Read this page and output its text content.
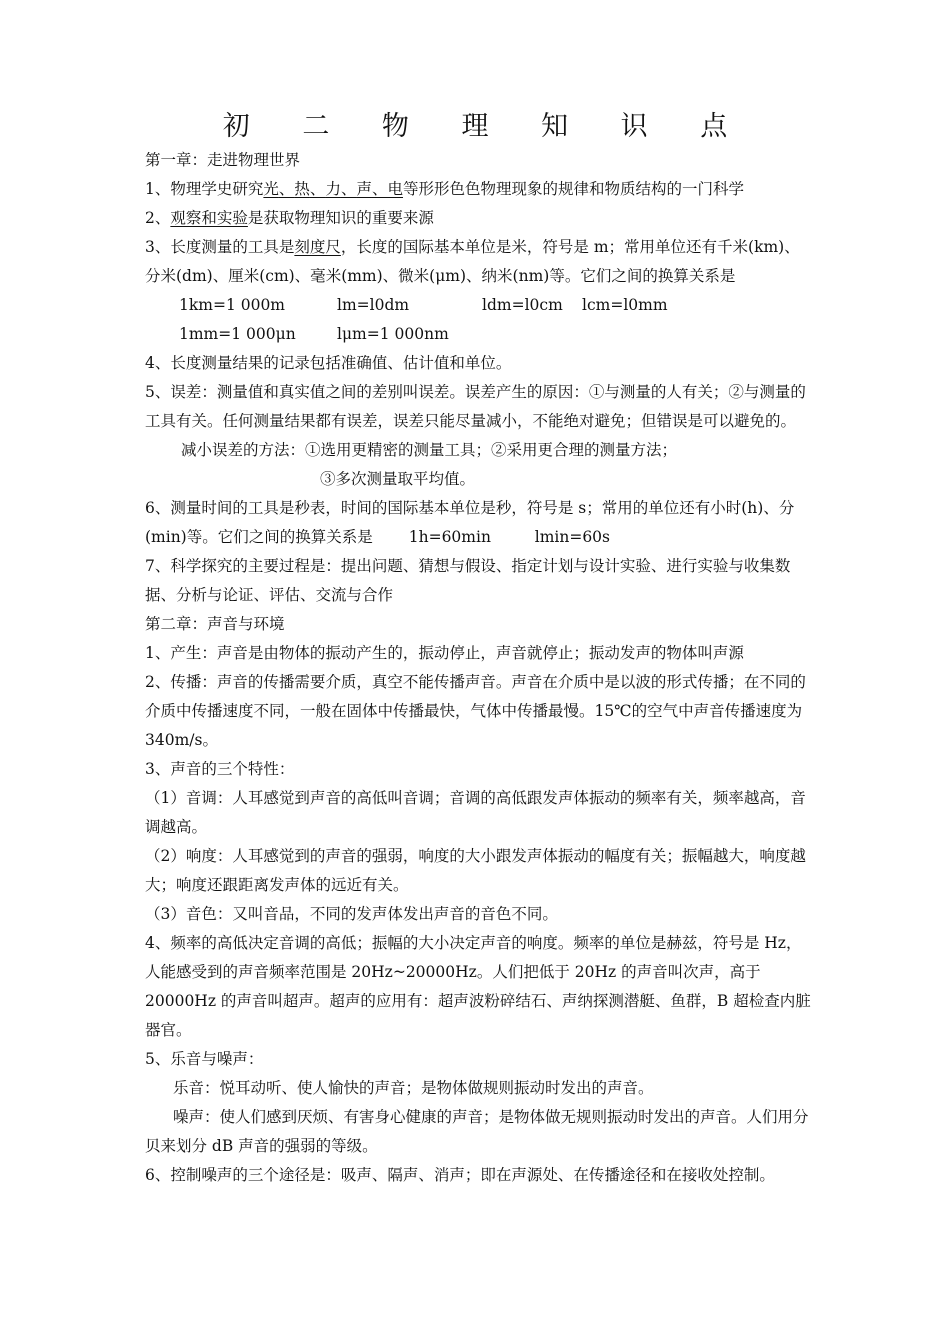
初 二 物 理 知 识 点

第一章：走进物理世界

1、物理学史研究光、热、力、声、电等形形色色物理现象的规律和物质结构的一门科学

2、观察和实验是获取物理知识的重要来源

3、长度测量的工具是刻度尺，长度的国际基本单位是米，符号是 m；常用单位还有千米(km)、分米(dm)、厘米(cm)、毫米(mm)、微米(μm)、纳米(nm)等。它们之间的换算关系是

1km=1 000m	lm=l0dm	ldm=l0cm	lcm=l0mm
1mm=1 000μn	lμm=1 000nm

4、长度测量结果的记录包括准确值、估计值和单位。

5、误差：测量值和真实值之间的差别叫误差。误差产生的原因：①与测量的人有关；②与测量的工具有关。任何测量结果都有误差，误差只能尽量减小，不能绝对避免；但错误是可以避免的。

减小误差的方法：①选用更精密的测量工具；②采用更合理的测量方法；

③多次测量取平均值。

6、测量时间的工具是秒表，时间的国际基本单位是秒，符号是 s；常用的单位还有小时(h)、分(min)等。它们之间的换算关系是 1h=60min	lmin=60s

7、科学探究的主要过程是：提出问题、猜想与假设、指定计划与设计实验、进行实验与收集数据、分析与论证、评估、交流与合作

第二章：声音与环境

1、产生：声音是由物体的振动产生的，振动停止，声音就停止；振动发声的物体叫声源

2、传播：声音的传播需要介质，真空不能传播声音。声音在介质中是以波的形式传播；在不同的介质中传播速度不同，一般在固体中传播最快，气体中传播最慢。15℃的空气中声音传播速度为 340m/s。

3、声音的三个特性：

（1）音调：人耳感觉到声音的高低叫音调；音调的高低跟发声体振动的频率有关，频率越高，音调越高。

（2）响度：人耳感觉到的声音的强弱，响度的大小跟发声体振动的幅度有关；振幅越大，响度越大；响度还跟距离发声体的远近有关。

（3）音色：又叫音品，不同的发声体发出声音的音色不同。

4、频率的高低决定音调的高低；振幅的大小决定声音的响度。频率的单位是赫兹，符号是 Hz，人能感受到的声音频率范围是 20Hz~20000Hz。人们把低于 20Hz 的声音叫次声，高于 20000Hz 的声音叫超声。超声的应用有：超声波粉碎结石、声纳探测潜艇、鱼群，B 超检查内脏器官。

5、乐音与噪声：

乐音：悦耳动听、使人愉快的声音；是物体做规则振动时发出的声音。

噪声：使人们感到厌烦、有害身心健康的声音；是物体做无规则振动时发出的声音。人们用分贝来划分 dB 声音的强弱的等级。

6、控制噪声的三个途径是：吸声、隔声、消声；即在声源处、在传播途径和在接收处控制。
